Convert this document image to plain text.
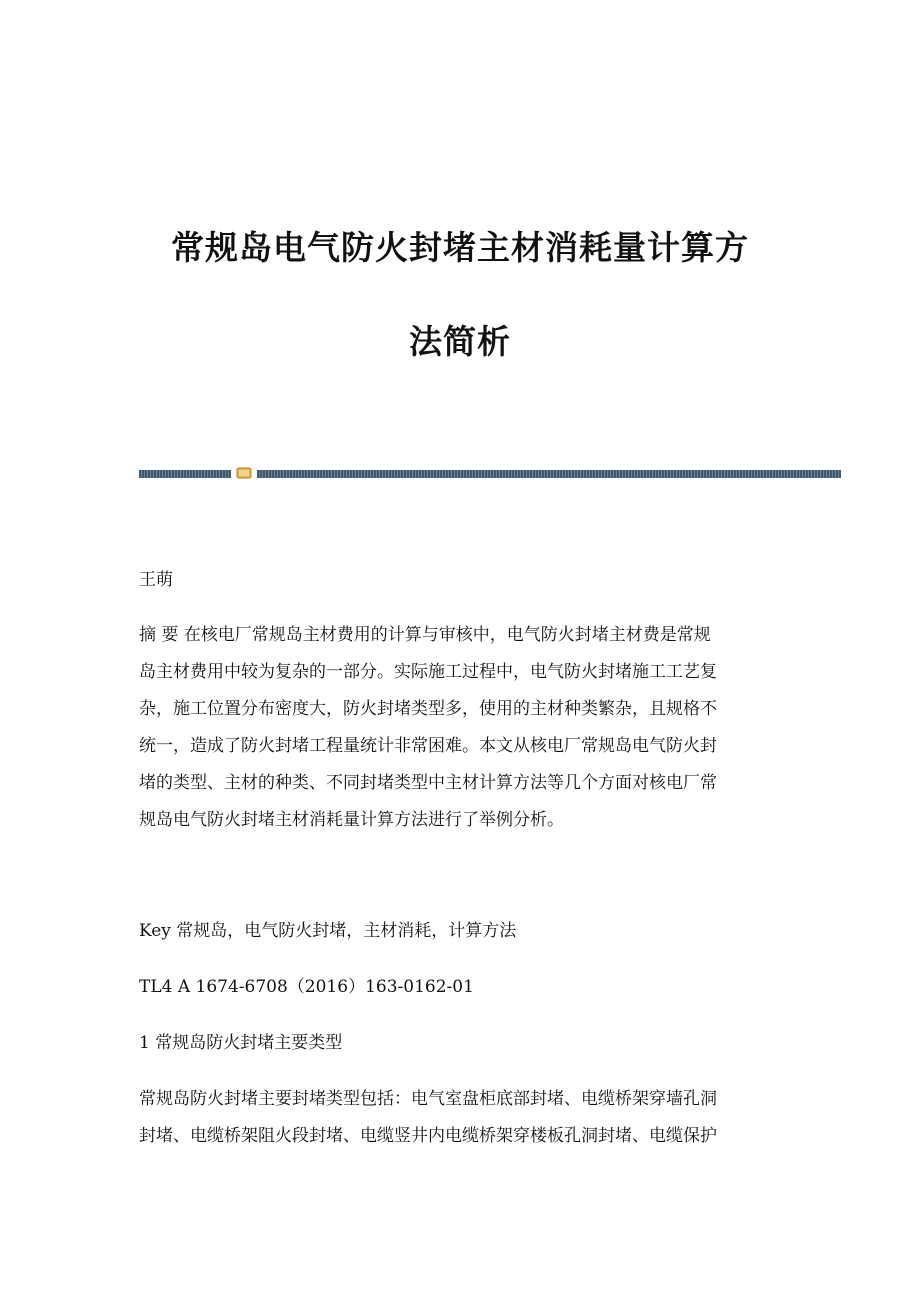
常规岛电气防火封堵主材消耗量计算方
法简析

王萌

摘 要 在核电厂常规岛主材费用的计算与审核中，电气防火封堵主材费是常规
岛主材费用中较为复杂的一部分。实际施工过程中，电气防火封堵施工工艺复
杂，施工位置分布密度大，防火封堵类型多，使用的主材种类繁杂，且规格不
统一，造成了防火封堵工程量统计非常困难。本文从核电厂常规岛电气防火封
堵的类型、主材的种类、不同封堵类型中主材计算方法等几个方面对核电厂常
规岛电气防火封堵主材消耗量计算方法进行了举例分析。

Key 常规岛，电气防火封堵，主材消耗，计算方法

TL4 A 1674-6708（2016）163-0162-01

1 常规岛防火封堵主要类型

常规岛防火封堵主要封堵类型包括：电气室盘柜底部封堵、电缆桥架穿墙孔洞
封堵、电缆桥架阻火段封堵、电缆竖井内电缆桥架穿楼板孔洞封堵、电缆保护
